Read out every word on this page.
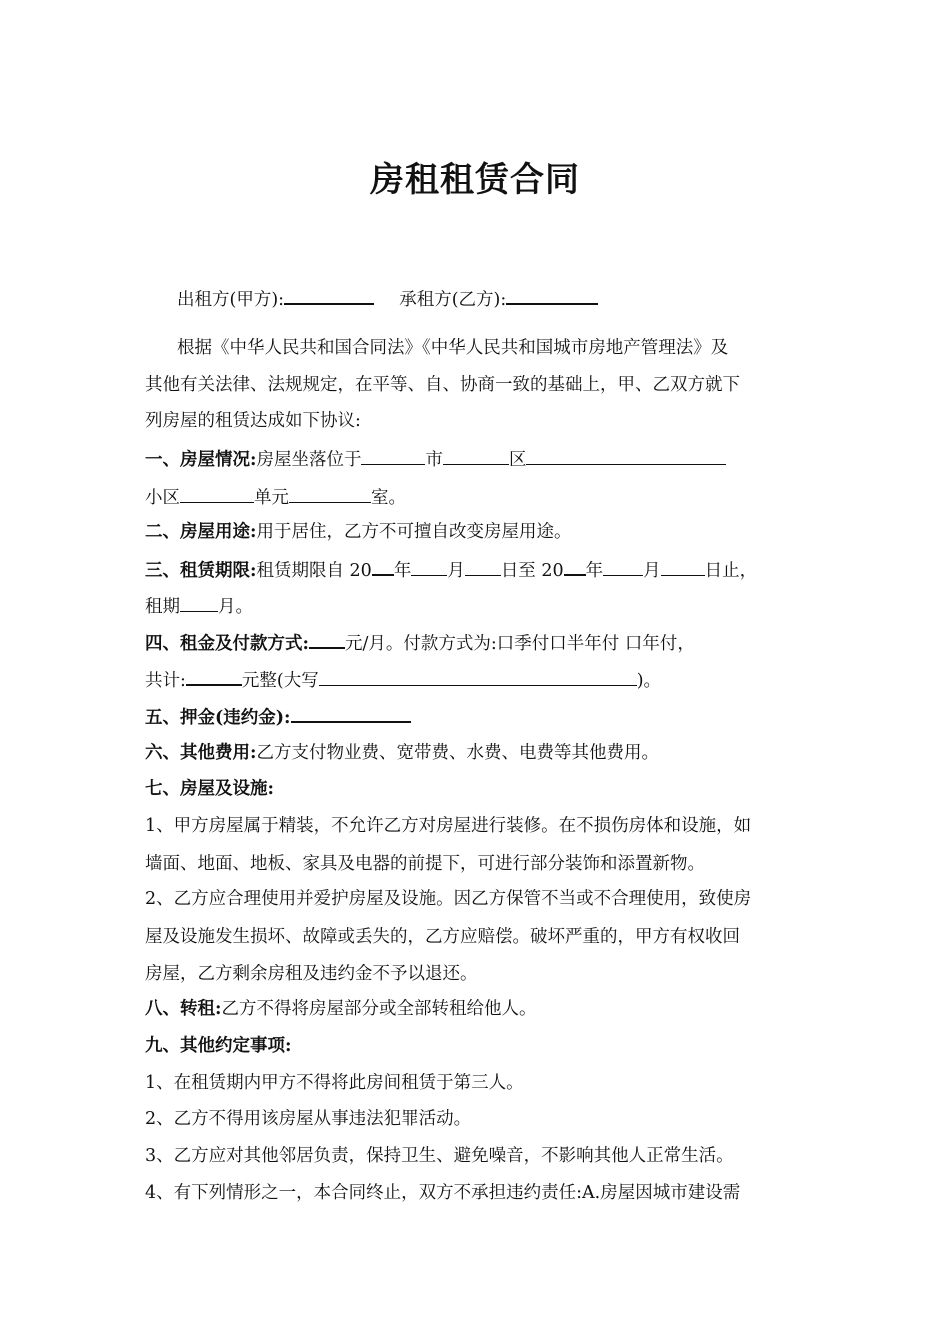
房租租赁合同
出租方(甲方):	承租方(乙方):
根据《中华人民共和国合同法》《中华人民共和国城市房地产管理法》及
其他有关法律、法规规定，在平等、自、协商一致的基础上，甲、乙双方就下
列房屋的租赁达成如下协议:
一、房屋情况:房屋坐落位于	市	区
小区	单元	室。
二、房屋用途:用于居住，乙方不可擅自改变房屋用途。
三、租赁期限:租赁期限自 20 年 月 日至 20 年 月	日止，
租期 月。
四、租金及付款方式: 元/月。付款方式为:口季付口半年付 口年付，
共计:	元整(大写	)。
五、押金(违约金):
六、其他费用:乙方支付物业费、宽带费、水费、电费等其他费用。
七、房屋及设施:
1、甲方房屋属于精装，不允许乙方对房屋进行装修。在不损伤房体和设施，如
墙面、地面、地板、家具及电器的前提下，可进行部分装饰和添置新物。
2、乙方应合理使用并爱护房屋及设施。因乙方保管不当或不合理使用，致使房
屋及设施发生损坏、故障或丢失的，乙方应赔偿。破坏严重的，甲方有权收回
房屋，乙方剩余房租及违约金不予以退还。
八、转租:乙方不得将房屋部分或全部转租给他人。
九、其他约定事项:
1、在租赁期内甲方不得将此房间租赁于第三人。
2、乙方不得用该房屋从事违法犯罪活动。
3、乙方应对其他邻居负责，保持卫生、避免噪音，不影响其他人正常生活。
4、有下列情形之一，本合同终止，双方不承担违约责任:A.房屋因城市建设需
